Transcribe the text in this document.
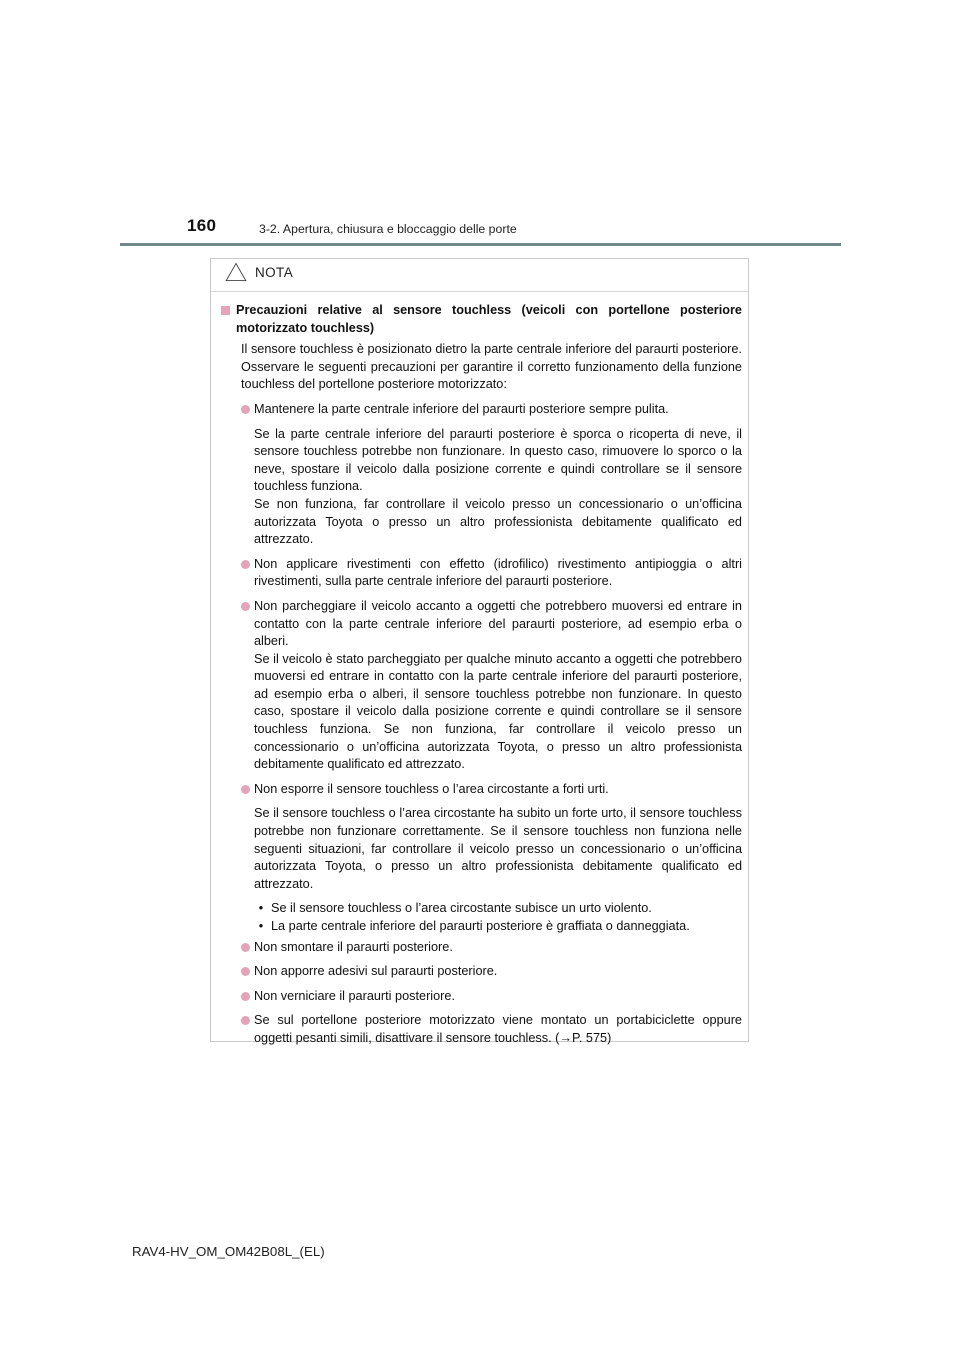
160	3-2. Apertura, chiusura e bloccaggio delle porte
NOTA
Precauzioni relative al sensore touchless (veicoli con portellone posteriore motorizzato touchless)
Il sensore touchless è posizionato dietro la parte centrale inferiore del paraurti posteriore. Osservare le seguenti precauzioni per garantire il corretto funzionamento della funzione touchless del portellone posteriore motorizzato:
Mantenere la parte centrale inferiore del paraurti posteriore sempre pulita.
Se la parte centrale inferiore del paraurti posteriore è sporca o ricoperta di neve, il sensore touchless potrebbe non funzionare. In questo caso, rimuovere lo sporco o la neve, spostare il veicolo dalla posizione corrente e quindi controllare se il sensore touchless funziona.
Se non funziona, far controllare il veicolo presso un concessionario o un’officina autorizzata Toyota o presso un altro professionista debitamente qualificato ed attrezzato.
Non applicare rivestimenti con effetto (idrofilico) rivestimento antipioggia o altri rivestimenti, sulla parte centrale inferiore del paraurti posteriore.
Non parcheggiare il veicolo accanto a oggetti che potrebbero muoversi ed entrare in contatto con la parte centrale inferiore del paraurti posteriore, ad esempio erba o alberi.
Se il veicolo è stato parcheggiato per qualche minuto accanto a oggetti che potrebbero muoversi ed entrare in contatto con la parte centrale inferiore del paraurti posteriore, ad esempio erba o alberi, il sensore touchless potrebbe non funzionare. In questo caso, spostare il veicolo dalla posizione corrente e quindi controllare se il sensore touchless funziona. Se non funziona, far controllare il veicolo presso un concessionario o un’officina autorizzata Toyota, o presso un altro professionista debitamente qualificato ed attrezzato.
Non esporre il sensore touchless o l’area circostante a forti urti.
Se il sensore touchless o l’area circostante ha subito un forte urto, il sensore touchless potrebbe non funzionare correttamente. Se il sensore touchless non funziona nelle seguenti situazioni, far controllare il veicolo presso un concessionario o un’officina autorizzata Toyota, o presso un altro professionista debitamente qualificato ed attrezzato.
• Se il sensore touchless o l’area circostante subisce un urto violento.
• La parte centrale inferiore del paraurti posteriore è graffiata o danneggiata.
Non smontare il paraurti posteriore.
Non apporre adesivi sul paraurti posteriore.
Non verniciare il paraurti posteriore.
Se sul portellone posteriore motorizzato viene montato un portabiciclette oppure oggetti pesanti simili, disattivare il sensore touchless. (→P. 575)
RAV4-HV_OM_OM42B08L_(EL)
